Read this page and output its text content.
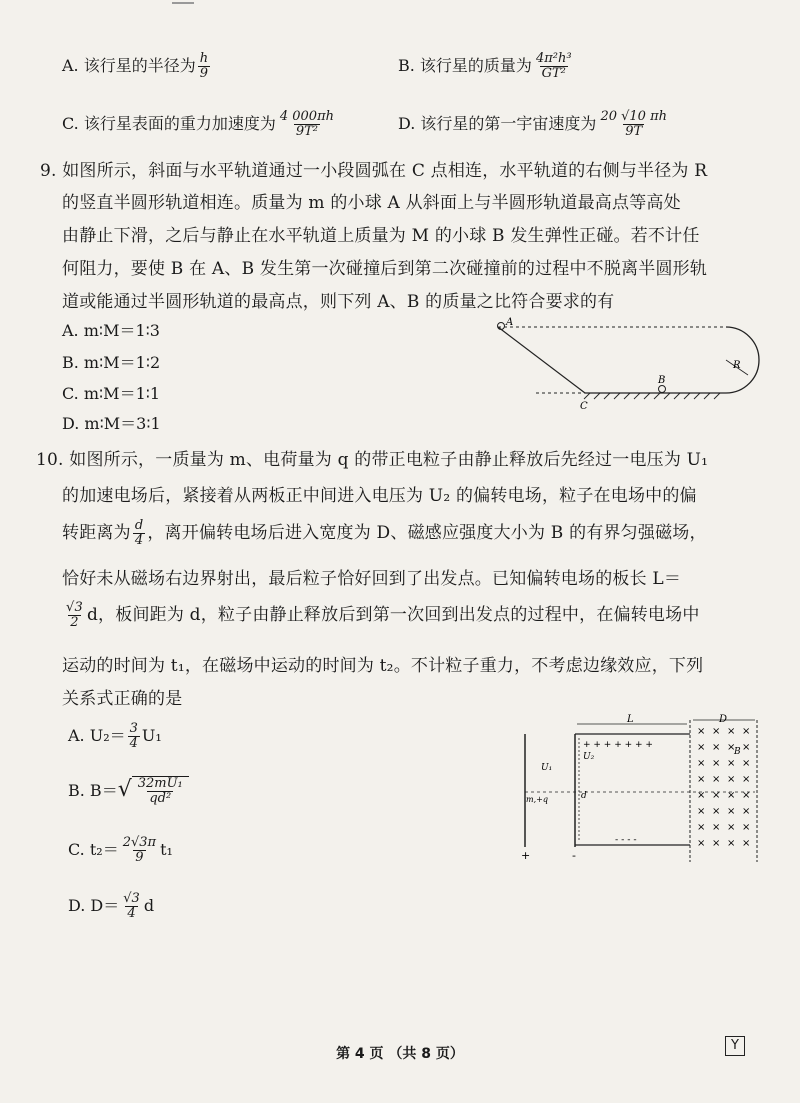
A. 该行星的半径为 $\frac{h}{9}$	B. 该行星的质量为 $\frac{\text{4π²h³}}{\text{GT²}}$
C. 该行星表面的重力加速度为 $\frac{4 000\pi h}{\text{9T²}}$	D. 该行星的第一宇宙速度为 $\frac{20 √10 \pi h}{9T}$
9. 如图所示，斜面与水平轨道通过一小段圆弧在 C 点相连，水平轨道的右侧与半径为 R
的竖直半圆形轨道相连。质量为 m 的小球 A 从斜面上与半圆形轨道最高点等高处
由静止下滑，之后与静止在水平轨道上质量为 M 的小球 B 发生弹性正碰。若不计任
何阻力，要使 B 在 A、B 发生第一次碰撞后到第二次碰撞前的过程中不脱离半圆形轨
道或能通过半圆形轨道的最高点，则下列 A、B 的质量之比符合要求的有
A. m∶M＝1∶3
B. m∶M＝1∶2
C. m∶M＝1∶1
D. m∶M＝3∶1
A
B
C
R
10. 如图所示，一质量为 m、电荷量为 q 的带正电粒子由静止释放后先经过一电压为 U₁
的加速电场后，紧接着从两板正中间进入电压为 U₂ 的偏转电场，粒子在电场中的偏
转距离为 $\frac{d}{4}$ ，离开偏转电场后进入宽度为 D、磁感应强度大小为 B 的有界匀强磁场，
恰好未从磁场右边界射出，最后粒子恰好回到了出发点。已知偏转电场的板长 L＝
$\frac{√3}{2}$ d，板间距为 d，粒子由静止释放后到第一次回到出发点的过程中，在偏转电场中
运动的时间为 t₁，在磁场中运动的时间为 t₂。不计粒子重力，不考虑边缘效应，下列
关系式正确的是
A. $U_2= \frac{3}{4} U_1$
B. $B=√ \frac{\text{32mU₁}}{\text{qd²}}$
C. $t_2= \frac{2√3\pi}{9} t_1$
D. $D= \frac{√3}{4}$ d
L	D
+ + + + + + +
- - - -
U₂
U₁
m,+q	d
+	-
B
× × × ×
× × × ×
× × × ×
× × × ×
× × × ×
× × × ×
× × × ×
× × × ×
第 4 页 （共 8 页）
Y
